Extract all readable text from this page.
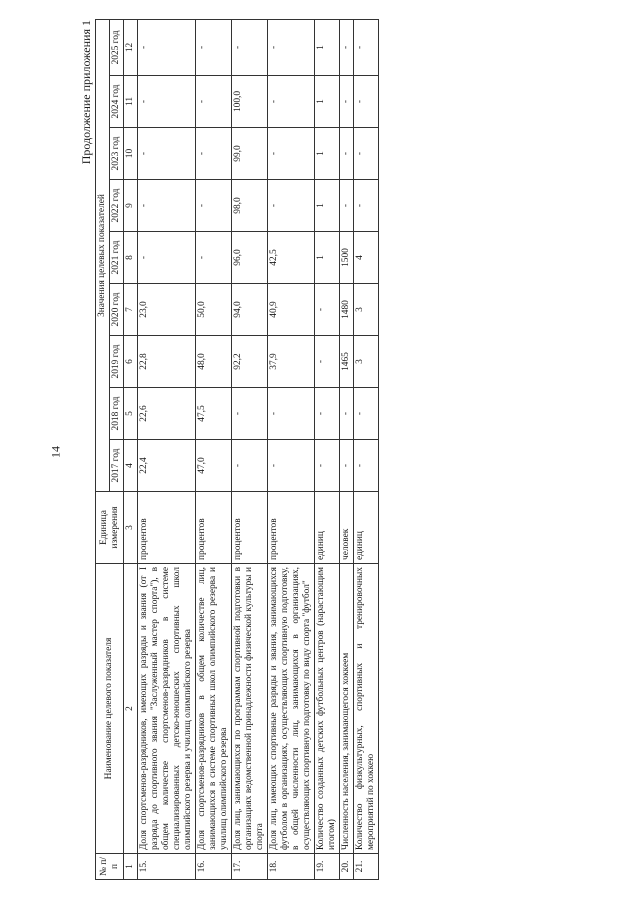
14
Продолжение приложения 1
№ п/п	Наименование целевого показателя	Единица измерения	Значения целевых показателей								
			2017 год	2018 год	2019 год	2020 год	2021 год	2022 год	2023 год	2024 год	2025 год
1	2	3	4	5	6	7	8	9	10	11	12
15.	Доля спортсменов-разрядников, имеющих разряды и звания (от I разряда до спортивного звания "Заслуженный мастер спорта"), в общем количестве спортсменов-разрядников в системе специализированных детско-юношеских спортивных школ олимпийского резерва и училищ олимпийского резерва	процентов	22,4	22,6	22,8	23,0	-	-	-	-	-
16.	Доля спортсменов-разрядников в общем количестве лиц, занимающихся в системе спортивных школ олимпийского резерва и училищ олимпийского резерва	процентов	47,0	47,5	48,0	50,0	-	-	-	-	-
17.	Доля лиц, занимающихся по программам спортивной подготовки в организациях ведомственной принадлежности физической культуры и спорта	процентов	-	-	92,2	94,0	96,0	98,0	99,0	100,0	-
18.	Доля лиц, имеющих спортивные разряды и звания, занимающихся футболом в организациях, осуществляющих спортивную подготовку, в общей численности лиц, занимающихся в организациях, осуществляющих спортивную подготовку по виду спорта "футбол"	процентов	-	-	37,9	40,9	42,5	-	-	-	-
19.	Количество созданных детских футбольных центров (нарастающим итогом)	единиц	-	-	-	-	1	1	1	1	1
20.	Численность населения, занимающегося хоккеем	человек	-	-	1465	1480	1500	-	-	-	-
21.	Количество физкультурных, спортивных и тренировочных мероприятий по хоккею	единиц	-	-	3	3	4	-	-	-	-
